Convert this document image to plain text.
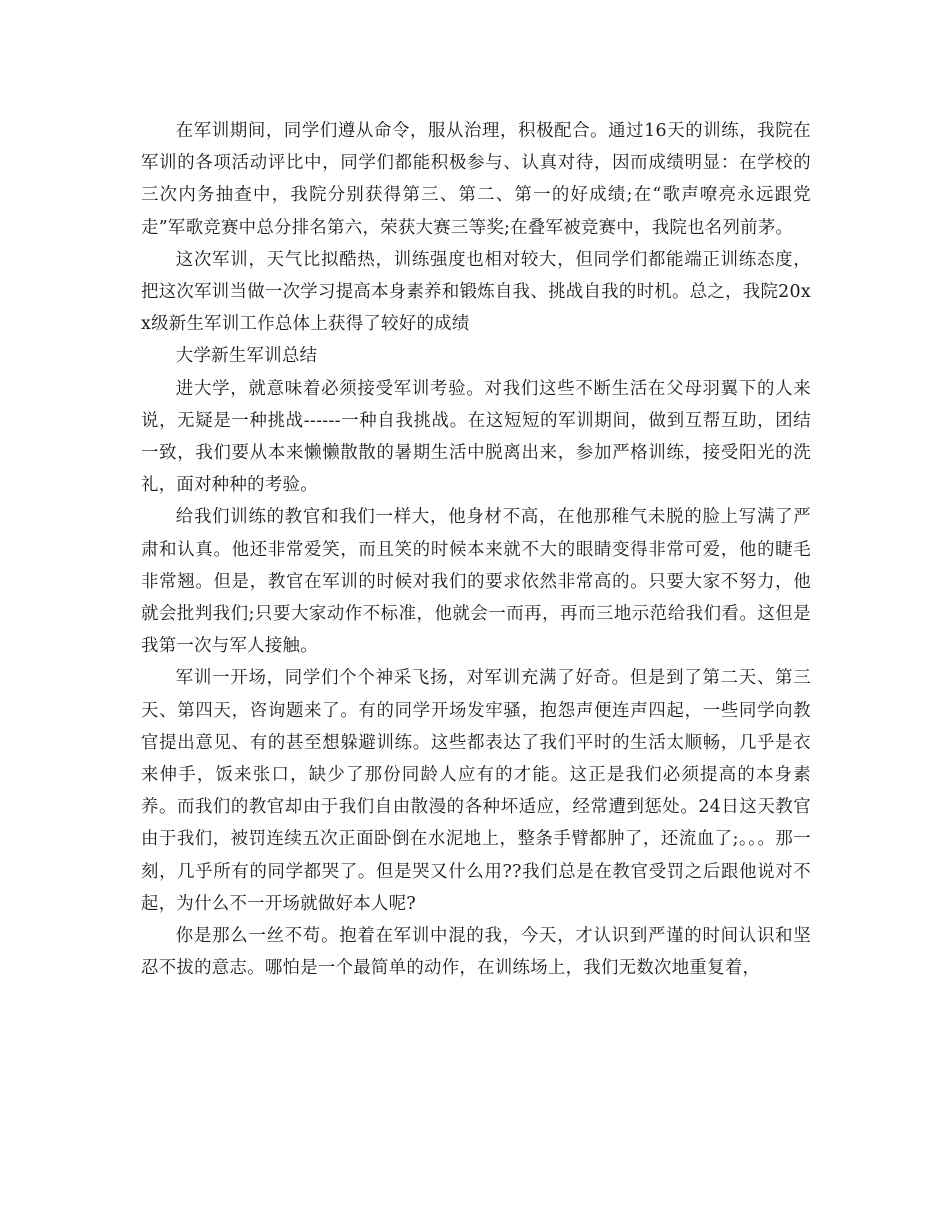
在军训期间，同学们遵从命令，服从治理，积极配合。通过16天的训练，我院在军训的各项活动评比中，同学们都能积极参与、认真对待，因而成绩明显：在学校的三次内务抽查中，我院分别获得第三、第二、第一的好成绩;在“歌声嘹亮永远跟党走”军歌竞赛中总分排名第六，荣获大赛三等奖;在叠军被竞赛中，我院也名列前茅。

这次军训，天气比拟酷热，训练强度也相对较大，但同学们都能端正训练态度，把这次军训当做一次学习提高本身素养和锻炼自我、挑战自我的时机。总之，我院20xx级新生军训工作总体上获得了较好的成绩

大学新生军训总结

进大学，就意味着必须接受军训考验。对我们这些不断生活在父母羽翼下的人来说，无疑是一种挑战------一种自我挑战。在这短短的军训期间，做到互帮互助，团结一致，我们要从本来懒懒散散的暑期生活中脱离出来，参加严格训练，接受阳光的洗礼，面对种种的考验。

给我们训练的教官和我们一样大，他身材不高，在他那稚气未脱的脸上写满了严肃和认真。他还非常爱笑，而且笑的时候本来就不大的眼睛变得非常可爱，他的睫毛非常翘。但是，教官在军训的时候对我们的要求依然非常高的。只要大家不努力，他就会批判我们;只要大家动作不标准，他就会一而再，再而三地示范给我们看。这但是我第一次与军人接触。

军训一开场，同学们个个神采飞扬，对军训充满了好奇。但是到了第二天、第三天、第四天，咨询题来了。有的同学开场发牢骚，抱怨声便连声四起，一些同学向教官提出意见、有的甚至想躲避训练。这些都表达了我们平时的生活太顺畅，几乎是衣来伸手，饭来张口，缺少了那份同龄人应有的才能。这正是我们必须提高的本身素养。而我们的教官却由于我们自由散漫的各种坏适应，经常遭到惩处。24日这天教官由于我们，被罚连续五次正面卧倒在水泥地上，整条手臂都肿了，还流血了;。。。那一刻，几乎所有的同学都哭了。但是哭又什么用??我们总是在教官受罚之后跟他说对不起，为什么不一开场就做好本人呢?

你是那么一丝不苟。抱着在军训中混的我，今天，才认识到严谨的时间认识和坚忍不拔的意志。哪怕是一个最简单的动作，在训练场上，我们无数次地重复着，
